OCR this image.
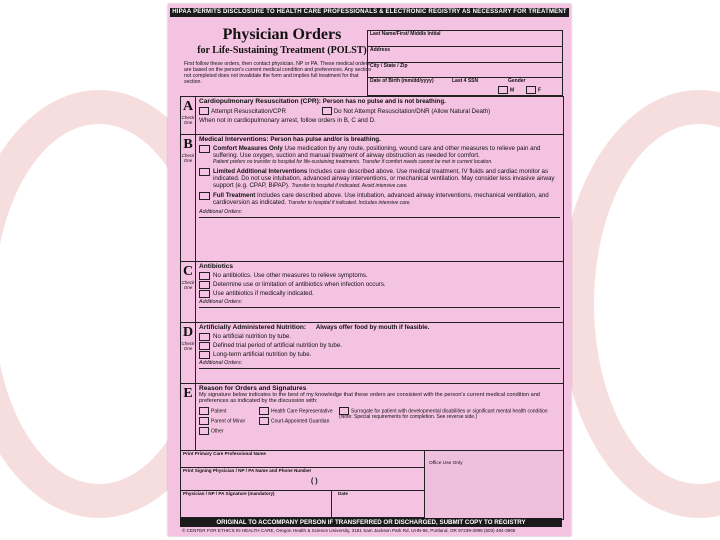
HIPAA PERMITS DISCLOSURE TO HEALTH CARE PROFESSIONALS & ELECTRONIC REGISTRY AS NECESSARY FOR TREATMENT
Physician Orders
for Life-Sustaining Treatment (POLST)
First follow these orders, then contact physician, NP or PA. These medical orders are based on the person's current medical condition and preferences. Any section not completed does not invalidate the form and implies full treatment for that section.
Last Name/First/ Middle Initial
Address
City / State / Zip
Date of Birth (mm/dd/yyyy)	Last 4 SSN	Gender
M	F
A
Check One
Cardiopulmonary Resuscitation (CPR): Person has no pulse and is not breathing.
Attempt Resuscitation/CPR	Do Not Attempt Resuscitation/DNR (Allow Natural Death)
When not in cardiopulmonary arrest, follow orders in B, C and D.
B
Check One
Medical Interventions: Person has pulse and/or is breathing.
Comfort Measures Only Use medication by any route, positioning, wound care and other measures to relieve pain and suffering. Use oxygen, suction and manual treatment of airway obstruction as needed for comfort.
Patient prefers no transfer to hospital for life-sustaining treatments. Transfer if comfort needs cannot be met in current location.
Limited Additional Interventions Includes care described above. Use medical treatment, IV fluids and cardiac monitor as indicated. Do not use intubation, advanced airway interventions, or mechanical ventilation. May consider less invasive airway support (e.g. CPAP, BiPAP). Transfer to hospital if indicated. Avoid intensive care.
Full Treatment Includes care described above. Use intubation, advanced airway interventions, mechanical ventilation, and cardioversion as indicated. Transfer to hospital if indicated. Includes intensive care.
Additional Orders:
C
Check One
Antibiotics
No antibiotics. Use other measures to relieve symptoms.
Determine use or limitation of antibiotics when infection occurs.
Use antibiotics if medically indicated.
Additional Orders:
D
Check One
Artificially Administered Nutrition: Always offer food by mouth if feasible.
No artificial nutrition by tube.
Defined trial period of artificial nutrition by tube.
Long-term artificial nutrition by tube.
Additional Orders:
E Reason for Orders and Signatures
My signature below indicates to the best of my knowledge that these orders are consistent with the person's current medical condition and preferences as indicated by the discussion with:
Patient	Health Care Representative	Surrogate for patient with developmental disabilities or significant mental health condition (Note: Special requirements for completion. See reverse side.)
Parent of Minor	Court-Appointed Guardian
Other
Print Primary Care Professional Name
Print Signing Physician / NP / PA Name and Phone Number
( )
Physician / NP / PA Signature (mandatory)	Date
Office Use Only
ORIGINAL TO ACCOMPANY PERSON IF TRANSFERRED OR DISCHARGED, SUBMIT COPY TO REGISTRY
© CENTER FOR ETHICS IN HEALTH CARE, Oregon Health & Science University, 3181 Sam Jackson Park Rd, UHN-86, Portland, OR 97239-3098 (503) 494-3965
